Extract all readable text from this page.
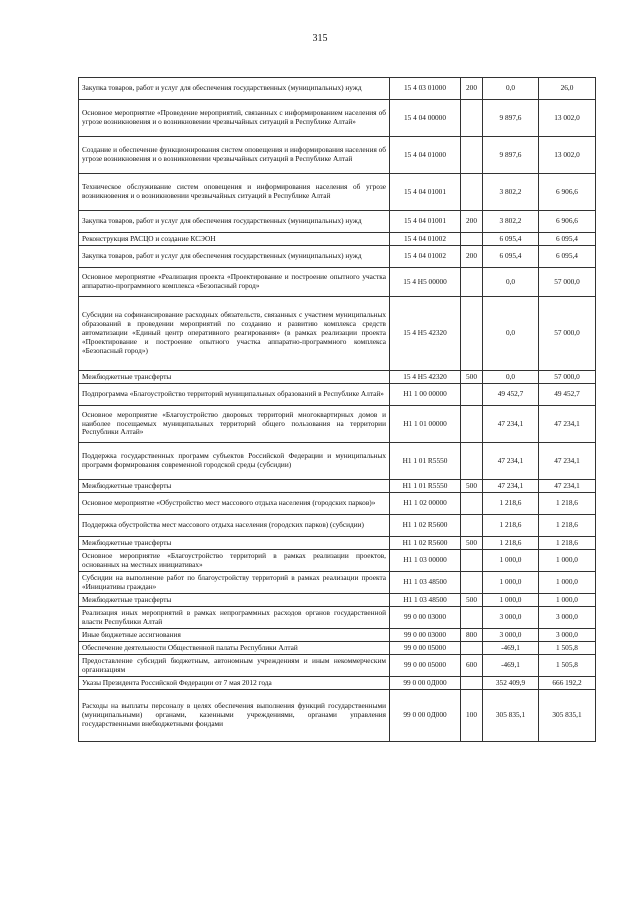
315
Закупка товаров, работ и услуг для обеспечения государственных (муниципальных) нужд	15 4 03 01000	200	0,0	26,0
Основное мероприятие «Проведение мероприятий, связанных с информированием населения об угрозе возникновения и о возникновении чрезвычайных ситуаций в Республике Алтай»	15 4 04 00000		9 897,6	13 002,0
Создание и обеспечение функционирования систем оповещения и информирования населения об угрозе возникновения и о возникновении чрезвычайных ситуаций в Республике Алтай	15 4 04 01000		9 897,6	13 002,0
Техническое обслуживание систем оповещения и информирования населения об угрозе возникновения и о возникновении чрезвычайных ситуаций в Республике Алтай	15 4 04 01001		3 802,2	6 906,6
Закупка товаров, работ и услуг для обеспечения государственных (муниципальных) нужд	15 4 04 01001	200	3 802,2	6 906,6
Реконструкция РАСЦО и создание КСЭОН	15 4 04 01002		6 095,4	6 095,4
Закупка товаров, работ и услуг для обеспечения государственных (муниципальных) нужд	15 4 04 01002	200	6 095,4	6 095,4
Основное мероприятие «Реализация проекта «Проектирование и построение опытного участка аппаратно-программного комплекса «Безопасный город»	15 4 H5 00000		0,0	57 000,0
Субсидии на софинансирование расходных обязательств, связанных с участием муниципальных образований в проведении мероприятий по созданию и развитию комплекса средств автоматизации «Единый центр оперативного реагирования» (в рамках реализации проекта «Проектирование и построение опытного участка аппаратно-программного комплекса «Безопасный город»)	15 4 H5 42320		0,0	57 000,0
Межбюджетные трансферты	15 4 H5 42320	500	0,0	57 000,0
Подпрограмма «Благоустройство территорий муниципальных образований в Республике Алтай»	H1 1 00 00000		49 452,7	49 452,7
Основное мероприятие «Благоустройство дворовых территорий многоквартирных домов и наиболее посещаемых муниципальных территорий общего пользования на территории Республики Алтай»	H1 1 01 00000		47 234,1	47 234,1
Поддержка государственных программ субъектов Российской Федерации и муниципальных программ формирования современной городской среды (субсидии)	H1 1 01 R5550		47 234,1	47 234,1
Межбюджетные трансферты	H1 1 01 R5550	500	47 234,1	47 234,1
Основное мероприятие «Обустройство мест массового отдыха населения (городских парков)»	H1 1 02 00000		1 218,6	1 218,6
Поддержка обустройства мест массового отдыха населения (городских парков) (субсидии)	H1 1 02 R5600		1 218,6	1 218,6
Межбюджетные трансферты	H1 1 02 R5600	500	1 218,6	1 218,6
Основное мероприятие «Благоустройство территорий в рамках реализации проектов, основанных на местных инициативах»	H1 1 03 00000		1 000,0	1 000,0
Субсидии на выполнение работ по благоустройству территорий в рамках реализации проекта «Инициативы граждан»	H1 1 03 48500		1 000,0	1 000,0
Межбюджетные трансферты	H1 1 03 48500	500	1 000,0	1 000,0
Реализация иных мероприятий в рамках непрограммных расходов органов государственной власти Республики Алтай	99 0 00 03000		3 000,0	3 000,0
Иные бюджетные ассигнования	99 0 00 03000	800	3 000,0	3 000,0
Обеспечение деятельности Общественной палаты Республики Алтай	99 0 00 05000		-469,1	1 505,8
Предоставление субсидий бюджетным, автономным учреждениям и иным некоммерческим организациям	99 0 00 05000	600	-469,1	1 505,8
Указы Президента Российской Федерации от 7 мая 2012 года	99 0 00 0Д000		352 409,9	666 192,2
Расходы на выплаты персоналу в целях обеспечения выполнения функций государственными (муниципальными) органами, казенными учреждениями, органами управления государственными внебюджетными фондами	99 0 00 0Д000	100	305 835,1	305 835,1
